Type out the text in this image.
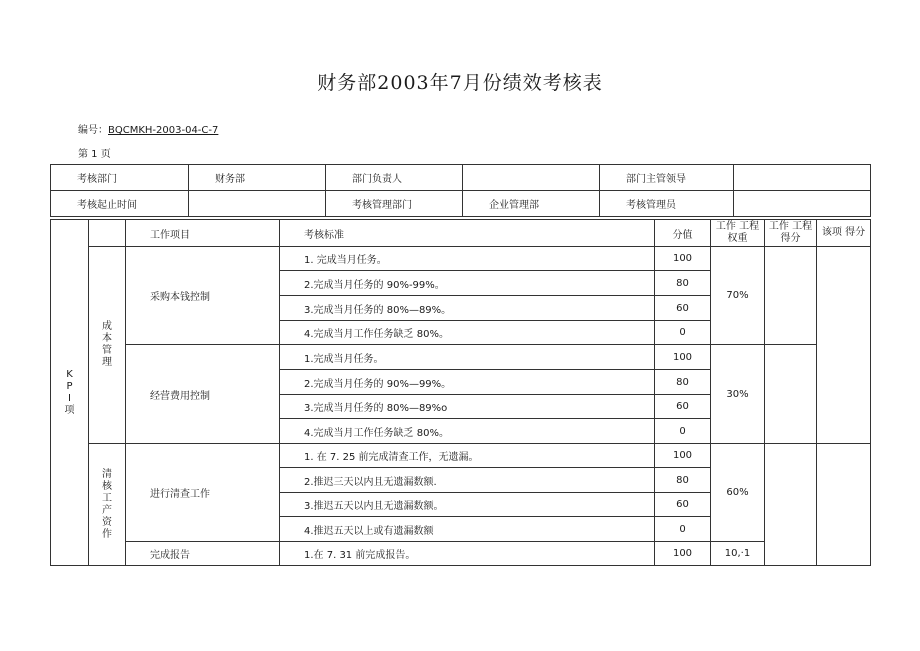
财务部2003年7月份绩效考核表
编号：BQCMKH-2003-04-C-7
第 1 页
考核部门	财务部	部门负责人		部门主管领导	
考核起止时间		考核管理部门	企业管理部	考核管理员	
K P I 项		工作项目	考核标准	分值	工作 工程 权重	工作 工程 得分	该项 得分
	成本管理	采购本钱控制	1. 完成当月任务。	100	70%		
			2.完成当月任务的 90%-99%。	80			
			3.完成当月任务的 80%—89%。	60			
			4.完成当月工作任务缺乏 80%。	0			
		经营费用控制	1.完成当月任务。	100	30%		
			2.完成当月任务的 90%—99%。	80			
			3.完成当月任务的 80%—89%o	60			
			4.完成当月工作任务缺乏 80%。	0			
	清核工产资作	进行清查工作	1. 在 7. 25 前完成清查工作，无遗漏。	100	60%		
			2.推迟三天以内且无遗漏数额.	80			
			3.推迟五天以内且无遗漏数额。	60			
			4.推迟五天以上或有遗漏数额	0			
		完成报告	1.在 7. 31 前完成报告。	100	10,·1		
